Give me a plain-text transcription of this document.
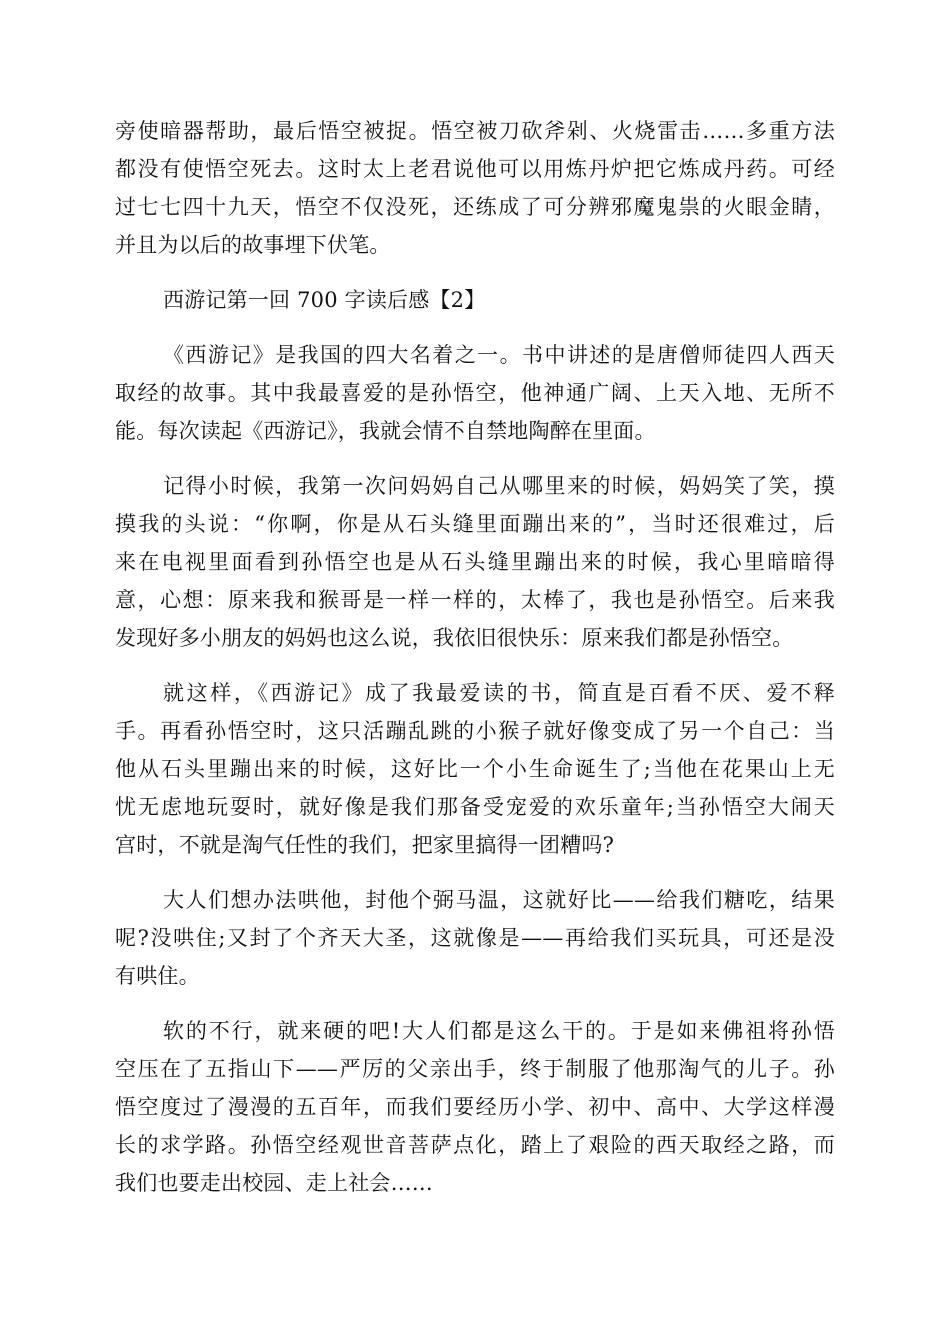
旁使暗器帮助，最后悟空被捉。悟空被刀砍斧剁、火烧雷击……多重方法
都没有使悟空死去。这时太上老君说他可以用炼丹炉把它炼成丹药。可经
过七七四十九天，悟空不仅没死，还练成了可分辨邪魔鬼祟的火眼金睛，
并且为以后的故事埋下伏笔。
西游记第一回 700 字读后感【2】
《西游记》是我国的四大名着之一。书中讲述的是唐僧师徒四人西天
取经的故事。其中我最喜爱的是孙悟空，他神通广阔、上天入地、无所不
能。每次读起《西游记》，我就会情不自禁地陶醉在里面。
记得小时候，我第一次问妈妈自己从哪里来的时候，妈妈笑了笑，摸
摸我的头说：“你啊，你是从石头缝里面蹦出来的”，当时还很难过，后
来在电视里面看到孙悟空也是从石头缝里蹦出来的时候，我心里暗暗得
意，心想：原来我和猴哥是一样一样的，太棒了，我也是孙悟空。后来我
发现好多小朋友的妈妈也这么说，我依旧很快乐：原来我们都是孙悟空。
就这样，《西游记》成了我最爱读的书，简直是百看不厌、爱不释
手。再看孙悟空时，这只活蹦乱跳的小猴子就好像变成了另一个自己：当
他从石头里蹦出来的时候，这好比一个小生命诞生了;当他在花果山上无
忧无虑地玩耍时，就好像是我们那备受宠爱的欢乐童年;当孙悟空大闹天
宫时，不就是淘气任性的我们，把家里搞得一团糟吗?
大人们想办法哄他，封他个弼马温，这就好比——给我们糖吃，结果
呢?没哄住;又封了个齐天大圣，这就像是——再给我们买玩具，可还是没
有哄住。
软的不行，就来硬的吧!大人们都是这么干的。于是如来佛祖将孙悟
空压在了五指山下——严厉的父亲出手，终于制服了他那淘气的儿子。孙
悟空度过了漫漫的五百年，而我们要经历小学、初中、高中、大学这样漫
长的求学路。孙悟空经观世音菩萨点化，踏上了艰险的西天取经之路，而
我们也要走出校园、走上社会……
